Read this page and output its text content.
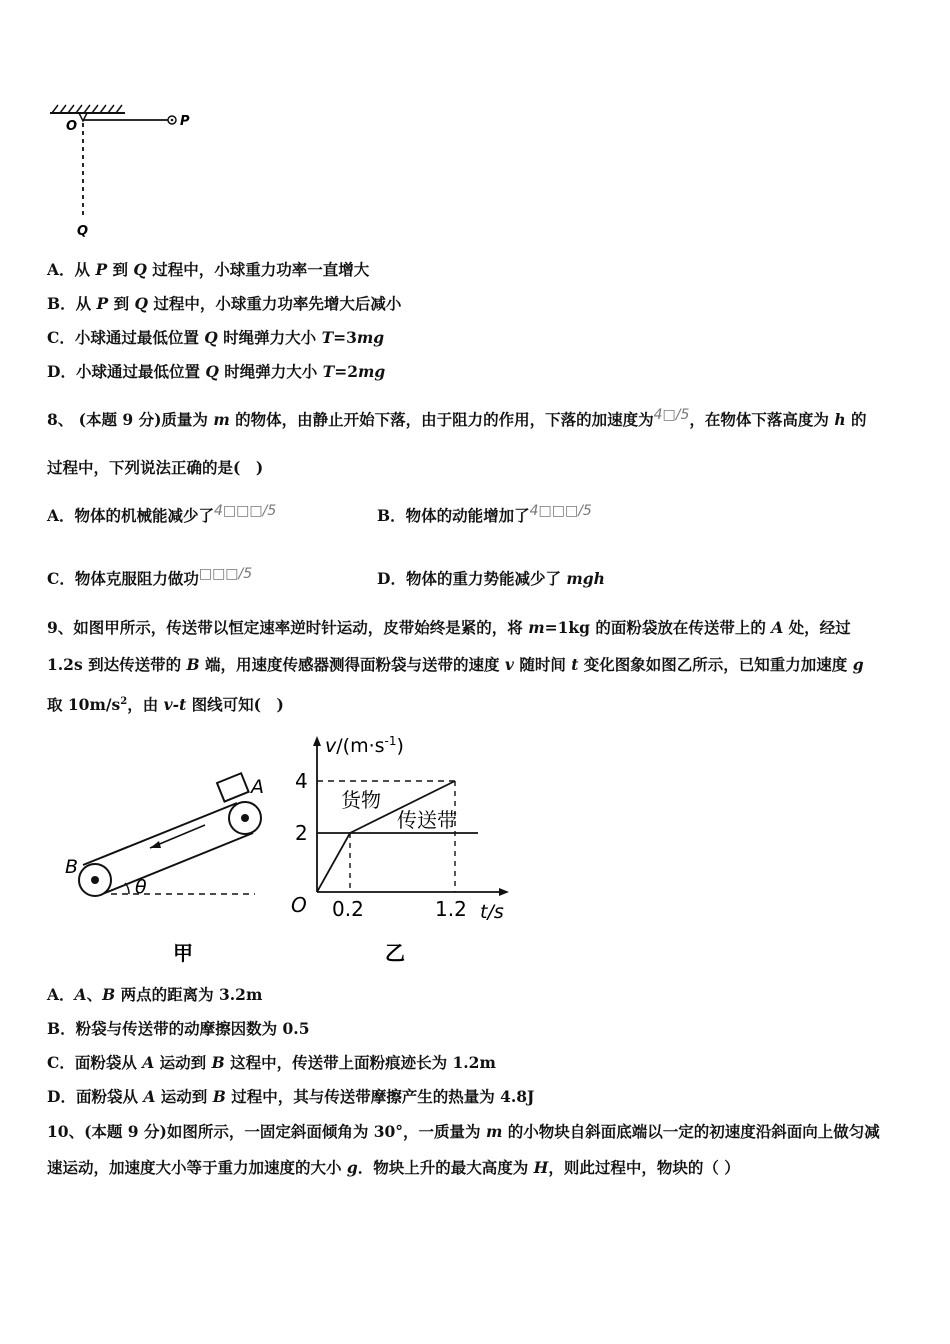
O	P
Q
A．从 P 到 Q 过程中，小球重力功率一直增大
B．从 P 到 Q 过程中，小球重力功率先增大后减小
C．小球通过最低位置 Q 时绳弹力大小 T=3mg
D．小球通过最低位置 Q 时绳弹力大小 T=2mg
8、 (本题 9 分)质量为 m 的物体，由静止开始下落，由于阻力的作用，下落的加速度为4□/5，在物体下落高度为 h 的
过程中，下列说法正确的是(　)
A．物体的机械能减少了4□□□/5	B．物体的动能增加了4□□□/5
C．物体克服阻力做功□□□/5	D．物体的重力势能减少了 mgh
9、如图甲所示，传送带以恒定速率逆时针运动，皮带始终是紧的，将 m=1kg 的面粉袋放在传送带上的 A 处，经过
1.2s 到达传送带的 B 端，用速度传感器测得面粉袋与送带的速度 v 随时间 t 变化图象如图乙所示，已知重力加速度 g
取 $10m/s^2$，由 v-t 图线可知(　)
A
B
θ
甲
$v/(m\cdot s^{-1})$
4
2
O 0.2	1.2 t/s
货物
传送带
乙
A．A、B 两点的距离为 3.2m
B．粉袋与传送带的动摩擦因数为 0.5
C．面粉袋从 A 运动到 B 这程中，传送带上面粉痕迹长为 1.2m
D．面粉袋从 A 运动到 B 过程中，其与传送带摩擦产生的热量为 4.8J
10、(本题 9 分)如图所示，一固定斜面倾角为 30°，一质量为 m 的小物块自斜面底端以一定的初速度沿斜面向上做匀减
速运动，加速度大小等于重力加速度的大小 g．物块上升的最大高度为 H，则此过程中，物块的（ ）
